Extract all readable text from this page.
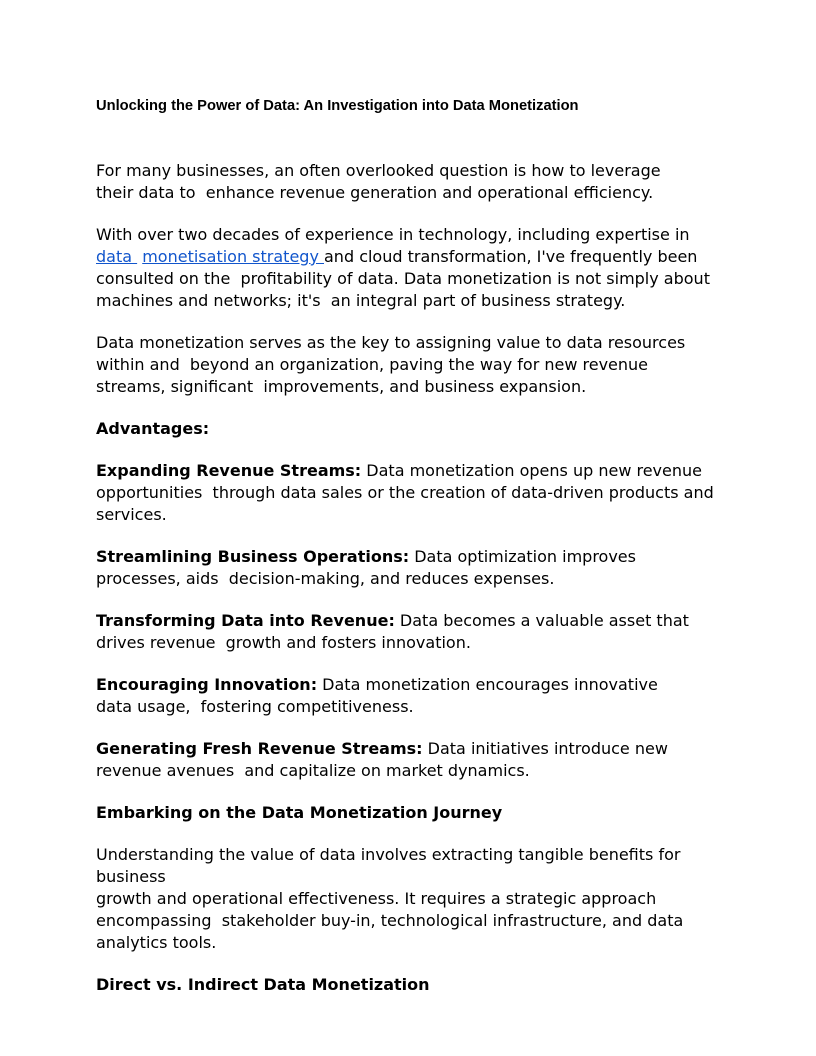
Unlocking the Power of Data: An Investigation into Data Monetization

For many businesses, an often overlooked question is how to leverage
their data to  enhance revenue generation and operational efficiency.

With over two decades of experience in technology, including expertise in
data  monetisation strategy and cloud transformation, I've frequently been
consulted on the  profitability of data. Data monetization is not simply about
machines and networks; it's  an integral part of business strategy.

Data monetization serves as the key to assigning value to data resources
within and  beyond an organization, paving the way for new revenue
streams, significant  improvements, and business expansion.

Advantages:

Expanding Revenue Streams: Data monetization opens up new revenue
opportunities  through data sales or the creation of data-driven products and
services.

Streamlining Business Operations: Data optimization improves
processes, aids  decision-making, and reduces expenses.

Transforming Data into Revenue: Data becomes a valuable asset that
drives revenue  growth and fosters innovation.

Encouraging Innovation: Data monetization encourages innovative
data usage,  fostering competitiveness.

Generating Fresh Revenue Streams: Data initiatives introduce new
revenue avenues  and capitalize on market dynamics.

Embarking on the Data Monetization Journey

Understanding the value of data involves extracting tangible benefits for
business
growth and operational effectiveness. It requires a strategic approach
encompassing  stakeholder buy-in, technological infrastructure, and data
analytics tools.

Direct vs. Indirect Data Monetization
